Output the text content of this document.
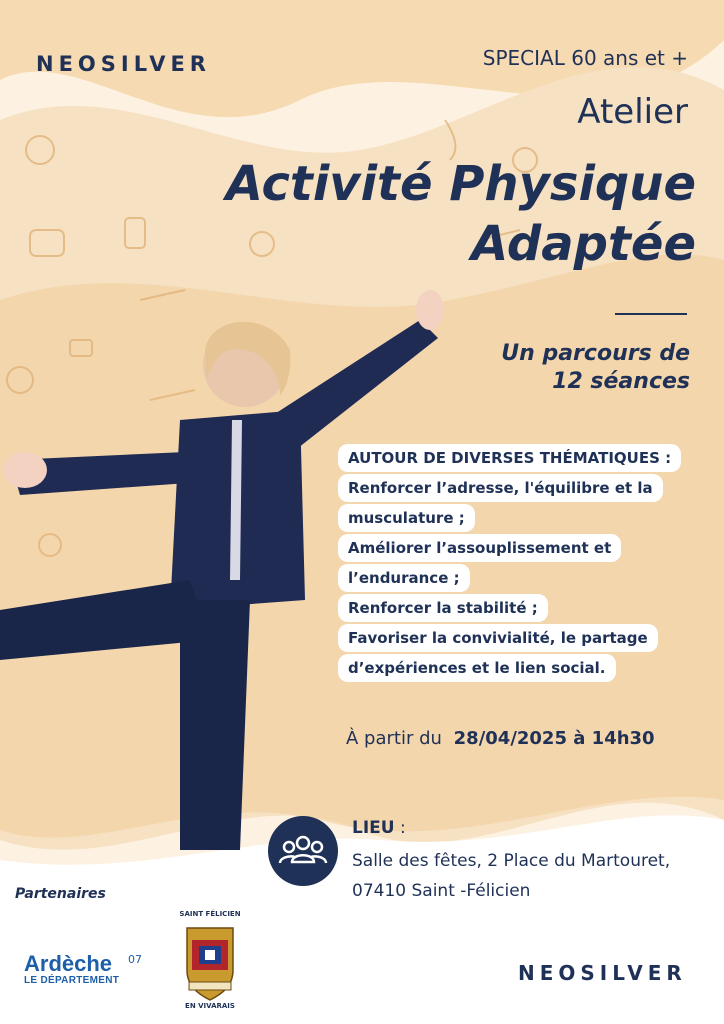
NEOSILVER	SPECIAL 60 ans et +
Atelier
Activité Physique
Adaptée
Un parcours de
12 séances
AUTOUR DE DIVERSES THÉMATIQUES :
Renforcer l’adresse, l'équilibre et la
musculature ;
Améliorer l’assouplissement et
l’endurance ;
Renforcer la stabilité ;
Favoriser la convivialité, le partage
d’expériences et le lien social.
À partir du 28/04/2025 à 14h30
LIEU :
Salle des fêtes, 2 Place du Martouret,
07410 Saint -Félicien
Partenaires
Ardèche
LE DÉPARTEMENT
07
SAINT FÉLICIEN
EN VIVARAIS
NEOSILVER
